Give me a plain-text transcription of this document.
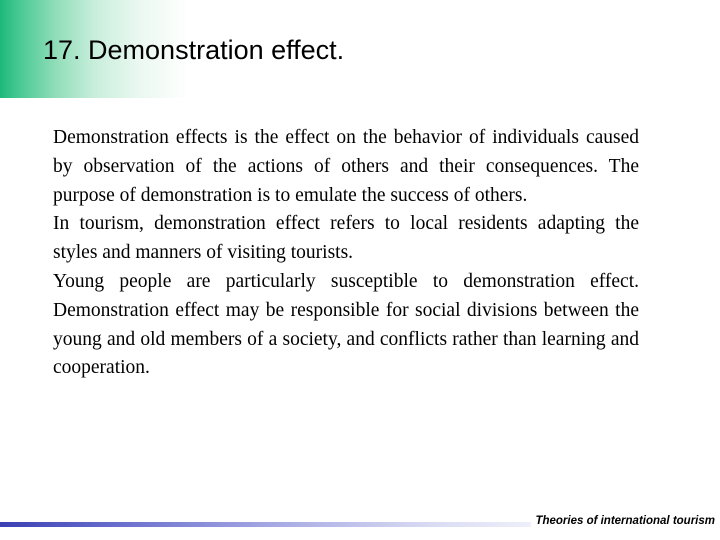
17. Demonstration effect.

Demonstration effects is the effect on the behavior of individuals caused by observation of the actions of others and their consequences. The purpose of demonstration is to emulate the success of others.

In tourism, demonstration effect refers to local residents adapting the styles and manners of visiting tourists.

Young people are particularly susceptible to demonstration effect. Demonstration effect may be responsible for social divisions between the young and old members of a society, and conflicts rather than learning and cooperation.

Theories of international tourism
